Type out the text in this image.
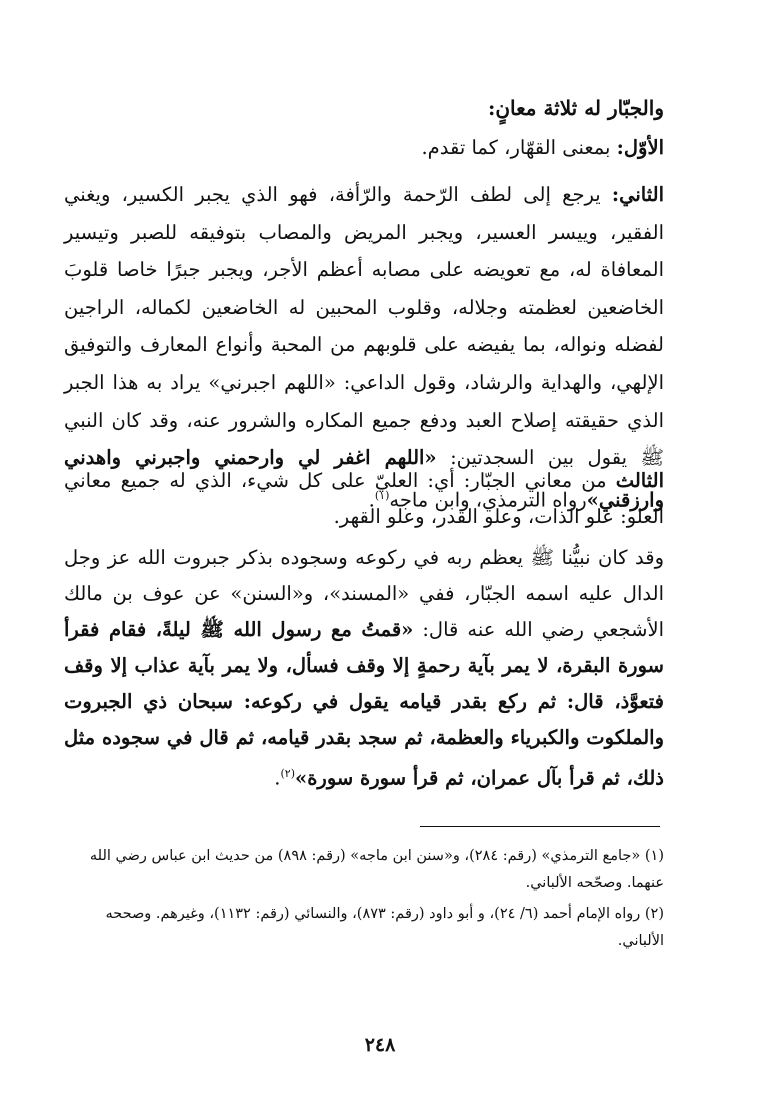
والجبّار له ثلاثة معانٍ:
الأوّل: بمعنى القهّار، كما تقدم.
الثاني: يرجع إلى لطف الرّحمة والرّأفة، فهو الذي يجبر الكسير، ويغني الفقير، وييسر العسير، ويجبر المريض والمصاب بتوفيقه للصبر وتيسير المعافاة له، مع تعويضه على مصابه أعظم الأجر، ويجبر جبرًا خاصا قلوبَ الخاضعين لعظمته وجلاله، وقلوب المحبين له الخاضعين لكماله، الراجين لفضله ونواله، بما يفيضه على قلوبهم من المحبة وأنواع المعارف والتوفيق الإلهي، والهداية والرشاد، وقول الداعي: «اللهم اجبرني» يراد به هذا الجبر الذي حقيقته إصلاح العبد ودفع جميع المكاره والشرور عنه، وقد كان النبي ﷺ يقول بين السجدتين: «اللهم اغفر لي وارحمني واجبرني واهدني وارزقني»رواه الترمذي، وابن ماجه$^{(١)}$.
الثالث من معاني الجبّار: أي: العليّ على كل شيء، الذي له جميع معاني العلو: علو الذات، وعلو القدر، وعلو القهر.
وقد كان نبيُّنا ﷺ يعظم ربه في ركوعه وسجوده بذكر جبروت الله عز وجل الدال عليه اسمه الجبّار، ففي «المسند»، و«السنن» عن عوف بن مالك الأشجعي رضي الله عنه قال: «قمتُ مع رسول الله ﷺ ليلةً، فقام فقرأ سورة البقرة، لا يمر بآية رحمةٍ إلا وقف فسأل، ولا يمر بآية عذاب إلا وقف فتعوَّذ، قال: ثم ركع بقدر قيامه يقول في ركوعه: سبحان ذي الجبروت والملكوت والكبرياء والعظمة، ثم سجد بقدر قيامه، ثم قال في سجوده مثل ذلك، ثم قرأ بآل عمران، ثم قرأ سورة سورة»$^{(٢)}$.

(١) «جامع الترمذي» (رقم: ٢٨٤)، و«سنن ابن ماجه» (رقم: ٨٩٨) من حديث ابن عباس رضي الله عنهما. وصحّحه الألباني.

(٢) رواه الإمام أحمد (٦/ ٢٤)، و أبو داود (رقم: ٨٧٣)، والنسائي (رقم: ١١٣٢)، وغيرهم. وصححه الألباني.

٢٤٨
